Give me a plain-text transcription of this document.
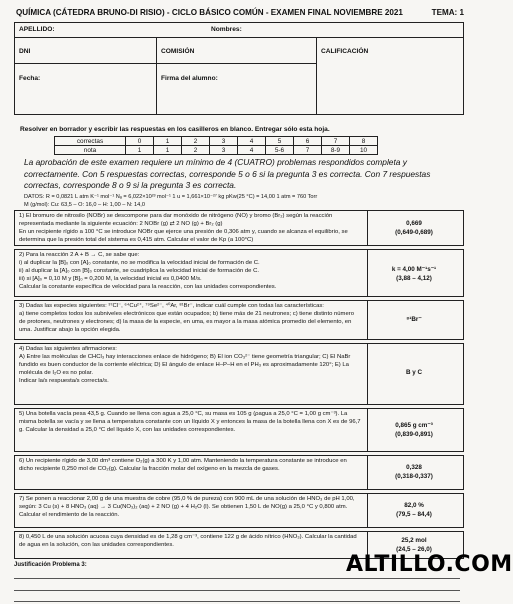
QUÍMICA (CÁTEDRA BRUNO-DI RISIO) - CICLO BÁSICO COMÚN - EXAMEN FINAL NOVIEMBRE 2021	TEMA: 1
APELLIDO:	Nombres:
DNI	COMISIÓN	CALIFICACIÓN
Fecha:	Firma del alumno:
Resolver en borrador y escribir las respuestas en los casilleros en blanco. Entregar sólo esta hoja.
correctas	0	1	2	3	4	5	6	7	8
nota	1	1	2	3	4	5-6	7	8-9	10
La aprobación de este examen requiere un mínimo de 4 (CUATRO) problemas respondidos completa y correctamente. Con 5 respuestas correctas, corresponde 5 o 6 si la pregunta 3 es correcta. Con 7 respuestas correctas, corresponde 8 o 9 si la pregunta 3 es correcta.
DATOS: R = 0,0821 L atm K⁻¹ mol⁻¹ Nₐ = 6,022×10²³ mol⁻¹ 1 u = 1,661×10⁻²⁷ kg pKw(25 °C) = 14,00 1 atm = 760 Torr
M (g/mol): Cu: 63,5 – O: 16,0 – H: 1,00 – N: 14,0
1) El bromuro de nitrosilo (NOBr) se descompone para dar monóxido de nitrógeno (NO) y bromo (Br₂) según la reacción representada mediante la siguiente ecuación: 2 NOBr (g) ⇄ 2 NO (g) + Br₂ (g)
En un recipiente rígido a 100 °C se introduce NOBr que ejerce una presión de 0,306 atm y, cuando se alcanza el equilibrio, se determina que la presión total del sistema es 0,415 atm. Calcular el valor de Kp (a 100°C)
0,669
(0,649-0,689)
2) Para la reacción 2 A + B → C, se sabe que:
i) al duplicar la [B]₀ con [A]₀ constante, no se modifica la velocidad inicial de formación de C.
ii) al duplicar la [A]₀ con [B]₀ constante, se cuadriplica la velocidad inicial de formación de C.
iii) si [A]₀ = 0,10 M y [B]₀ = 0,200 M, la velocidad inicial es 0,0400 M/s.
Calcular la constante específica de velocidad para la reacción, con las unidades correspondientes.
k = 4,00 M⁻¹s⁻¹
(3,88 – 4,12)
3) Dadas las especies siguientes: ³⁷Cl⁻, ⁶⁴Cu²⁺, ⁷⁹Se²⁻, ⁴⁰Ar, ⁸¹Br⁻, indicar cuál cumple con todas las características:
a) tiene completos todos los subniveles electrónicos que están ocupados; b) tiene más de 21 neutrones; c) tiene distinto número de protones, neutrones y electrones; d) la masa de la especie, en uma, es mayor a la masa atómica promedio del elemento, en uma. Justificar abajo la opción elegida.
⁸¹Br⁻
4) Dadas las siguientes afirmaciones:
A) Entre las moléculas de CHCl₃ hay interacciones enlace de hidrógeno; B) El ion CO₃²⁻ tiene geometría triangular; C) El NaBr fundido es buen conductor de la corriente eléctrica; D) El ángulo de enlace H–P–H en el PH₃ es aproximadamente 120°; E) La molécula de I₂O es no polar.
Indicar la/s respuesta/s correcta/s.
B y C
5) Una botella vacía pesa 43,5 g. Cuando se llena con agua a 25,0 °C, su masa es 105 g (ρagua a 25,0 °C = 1,00 g cm⁻³). La misma botella se vacía y se llena a temperatura constante con un líquido X y entonces la masa de la botella llena con X es de 96,7 g. Calcular la densidad a 25,0 °C del líquido X, con las unidades correspondientes.
0,865 g cm⁻³
(0,839-0,891)
6) Un recipiente rígido de 3,00 dm³ contiene O₂(g) a 300 K y 1,00 atm. Manteniendo la temperatura constante se introduce en dicho recipiente 0,250 mol de CO₂(g). Calcular la fracción molar del oxígeno en la mezcla de gases.	0,328
(0,318-0,337)
7) Se ponen a reaccionar 2,00 g de una muestra de cobre (95,0 % de pureza) con 900 mL de una solución de HNO₃ de pH 1,00, según: 3 Cu (s) + 8 HNO₃ (aq) → 3 Cu(NO₃)₂ (aq) + 2 NO (g) + 4 H₂O (l). Se obtienen 1,50 L de NO(g) a 25,0 °C y 0,800 atm. Calcular el rendimiento de la reacción.
82,0 %
(79,5 – 84,4)
8) 0,450 L de una solución acuosa cuya densidad es de 1,28 g cm⁻³, contiene 122 g de ácido nítrico (HNO₃). Calcular la cantidad de agua en la solución, con las unidades correspondientes.
25,2 mol
(24,5 – 26,0)
Justificación Problema 3:	ALTILLO.COM
